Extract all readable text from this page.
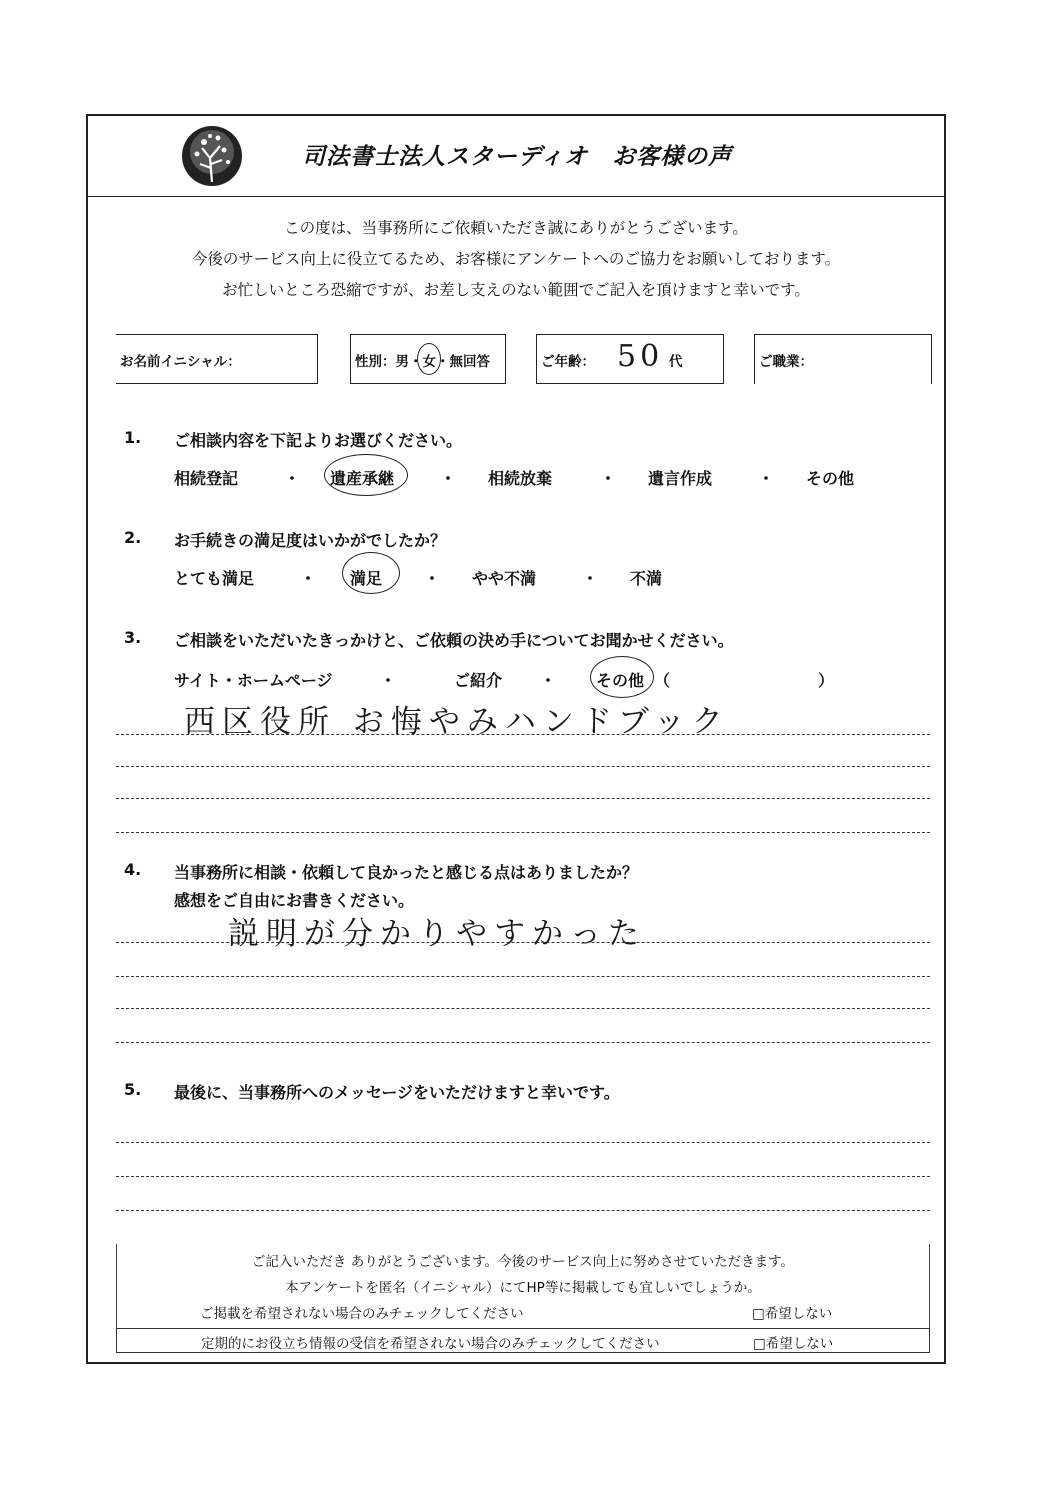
司法書士法人スターディオ　お客様の声
この度は、当事務所にご依頼いただき誠にありがとうございます。
今後のサービス向上に役立てるため、お客様にアンケートへのご協力をお願いしております。
お忙しいところ恐縮ですが、お差し支えのない範囲でご記入を頂けますと幸いです。
お名前イニシャル：	性別：男・女・無回答	ご年齢： 50 代	ご職業：
1. ご相談内容を下記よりお選びください。
相続登記	・ 遺産承継	・ 相続放棄	・ 遺言作成	・ その他
2. お手続きの満足度はいかがでしたか？
とても満足	・ 満足	・ やや不満	・ 不満
3. ご相談をいただいたきっかけと、ご依頼の決め手についてお聞かせください。
サイト・ホームページ	・	ご紹介 ・ その他 （	）
西区役所 お悔やみハンドブック
4. 当事務所に相談・依頼して良かったと感じる点はありましたか？
感想をご自由にお書きください。
説明が分かりやすかった
5. 最後に、当事務所へのメッセージをいただけますと幸いです。
ご記入いただき ありがとうございます。今後のサービス向上に努めさせていただきます。
本アンケートを匿名（イニシャル）にてHP等に掲載しても宜しいでしょうか。
ご掲載を希望されない場合のみチェックしてください	□希望しない
定期的にお役立ち情報の受信を希望されない場合のみチェックしてください	□希望しない
